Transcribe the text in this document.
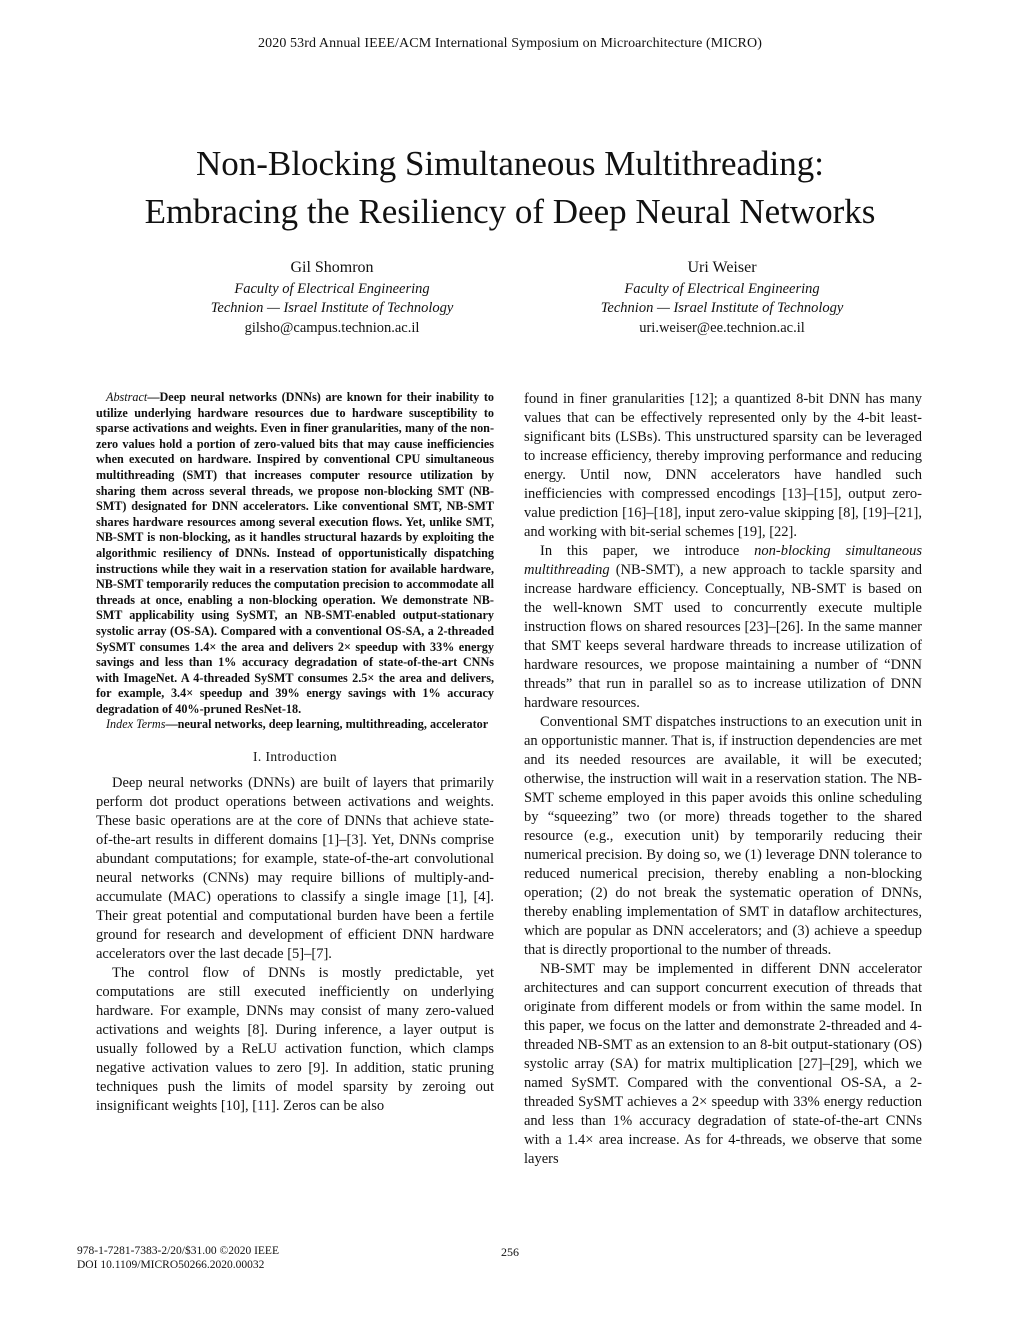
2020 53rd Annual IEEE/ACM International Symposium on Microarchitecture (MICRO)
Non-Blocking Simultaneous Multithreading:
Embracing the Resiliency of Deep Neural Networks
Gil Shomron
Faculty of Electrical Engineering
Technion — Israel Institute of Technology
gilsho@campus.technion.ac.il
Uri Weiser
Faculty of Electrical Engineering
Technion — Israel Institute of Technology
uri.weiser@ee.technion.ac.il

Abstract—Deep neural networks (DNNs) are known for their inability to utilize underlying hardware resources due to hardware susceptibility to sparse activations and weights. Even in finer granularities, many of the non-zero values hold a portion of zero-valued bits that may cause inefficiencies when executed on hardware. Inspired by conventional CPU simultaneous multithreading (SMT) that increases computer resource utilization by sharing them across several threads, we propose non-blocking SMT (NB-SMT) designated for DNN accelerators. Like conventional SMT, NB-SMT shares hardware resources among several execution flows. Yet, unlike SMT, NB-SMT is non-blocking, as it handles structural hazards by exploiting the algorithmic resiliency of DNNs. Instead of opportunistically dispatching instructions while they wait in a reservation station for available hardware, NB-SMT temporarily reduces the computation precision to accommodate all threads at once, enabling a non-blocking operation. We demonstrate NB-SMT applicability using SySMT, an NB-SMT-enabled output-stationary systolic array (OS-SA). Compared with a conventional OS-SA, a 2-threaded SySMT consumes 1.4× the area and delivers 2× speedup with 33% energy savings and less than 1% accuracy degradation of state-of-the-art CNNs with ImageNet. A 4-threaded SySMT consumes 2.5× the area and delivers, for example, 3.4× speedup and 39% energy savings with 1% accuracy degradation of 40%-pruned ResNet-18.

Index Terms—neural networks, deep learning, multithreading, accelerator

I. Introduction

Deep neural networks (DNNs) are built of layers that primarily perform dot product operations between activations and weights. These basic operations are at the core of DNNs that achieve state-of-the-art results in different domains [1]–[3]. Yet, DNNs comprise abundant computations; for example, state-of-the-art convolutional neural networks (CNNs) may require billions of multiply-and-accumulate (MAC) operations to classify a single image [1], [4]. Their great potential and computational burden have been a fertile ground for research and development of efficient DNN hardware accelerators over the last decade [5]–[7].

The control flow of DNNs is mostly predictable, yet computations are still executed inefficiently on underlying hardware. For example, DNNs may consist of many zero-valued activations and weights [8]. During inference, a layer output is usually followed by a ReLU activation function, which clamps negative activation values to zero [9]. In addition, static pruning techniques push the limits of model sparsity by zeroing out insignificant weights [10], [11]. Zeros can be also

found in finer granularities [12]; a quantized 8-bit DNN has many values that can be effectively represented only by the 4-bit least-significant bits (LSBs). This unstructured sparsity can be leveraged to increase efficiency, thereby improving performance and reducing energy. Until now, DNN accelerators have handled such inefficiencies with compressed encodings [13]–[15], output zero-value prediction [16]–[18], input zero-value skipping [8], [19]–[21], and working with bit-serial schemes [19], [22].

In this paper, we introduce non-blocking simultaneous multithreading (NB-SMT), a new approach to tackle sparsity and increase hardware efficiency. Conceptually, NB-SMT is based on the well-known SMT used to concurrently execute multiple instruction flows on shared resources [23]–[26]. In the same manner that SMT keeps several hardware threads to increase utilization of hardware resources, we propose maintaining a number of “DNN threads” that run in parallel so as to increase utilization of DNN hardware resources.

Conventional SMT dispatches instructions to an execution unit in an opportunistic manner. That is, if instruction dependencies are met and its needed resources are available, it will be executed; otherwise, the instruction will wait in a reservation station. The NB-SMT scheme employed in this paper avoids this online scheduling by “squeezing” two (or more) threads together to the shared resource (e.g., execution unit) by temporarily reducing their numerical precision. By doing so, we (1) leverage DNN tolerance to reduced numerical precision, thereby enabling a non-blocking operation; (2) do not break the systematic operation of DNNs, thereby enabling implementation of SMT in dataflow architectures, which are popular as DNN accelerators; and (3) achieve a speedup that is directly proportional to the number of threads.

NB-SMT may be implemented in different DNN accelerator architectures and can support concurrent execution of threads that originate from different models or from within the same model. In this paper, we focus on the latter and demonstrate 2-threaded and 4-threaded NB-SMT as an extension to an 8-bit output-stationary (OS) systolic array (SA) for matrix multiplication [27]–[29], which we named SySMT. Compared with the conventional OS-SA, a 2-threaded SySMT achieves a 2× speedup with 33% energy reduction and less than 1% accuracy degradation of state-of-the-art CNNs with a 1.4× area increase. As for 4-threads, we observe that some layers

978-1-7281-7383-2/20/$31.00 ©2020 IEEE
DOI 10.1109/MICRO50266.2020.00032
256
